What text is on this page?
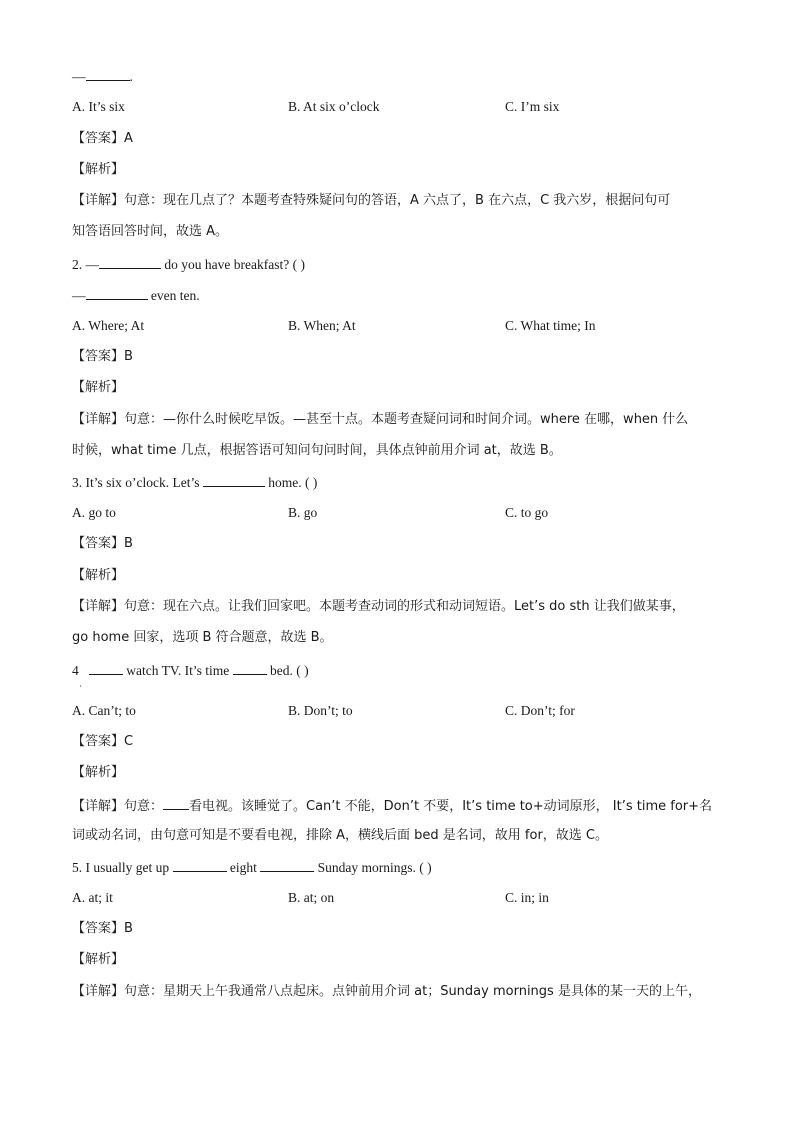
—	.
A. It’s six	B. At six o’clock	C. I’m six
【答案】A
【解析】
【详解】句意：现在几点了？本题考查特殊疑问句的答语，A 六点了，B 在六点，C 我六岁，根据问句可
知答语回答时间，故选 A。
2. —	do you have breakfast? ( )
—	even ten.
A. Where; At	B. When; At	C. What time; In
【答案】B
【解析】
【详解】句意：—你什么时候吃早饭。—甚至十点。本题考查疑问词和时间介词。where 在哪，when 什么
时候，what time 几点，根据答语可知问句问时间，具体点钟前用介词 at，故选 B。
3. It’s six o’clock. Let’s	home. ( )
A. go to	B. go	C. to go
【答案】B
【解析】
【详解】句意：现在六点。让我们回家吧。本题考查动词的形式和动词短语。Let’s do sth 让我们做某事，
go home 回家，选项 B 符合题意，故选 B。
4	watch TV. It’s time	bed. ( )
·
A. Can’t; to	B. Don’t; to	C. Don’t; for
【答案】C
【解析】
【详解】句意： 看电视。该睡觉了。Can’t 不能，Don’t 不要，It’s time to+动词原形， It’s time for+名
词或动名词，由句意可知是不要看电视，排除 A，横线后面 bed 是名词，故用 for，故选 C。
5. I usually get up	eight	Sunday mornings. ( )
A. at; it	B. at; on	C. in; in
【答案】B
【解析】
【详解】句意：星期天上午我通常八点起床。点钟前用介词 at；Sunday mornings 是具体的某一天的上午，
